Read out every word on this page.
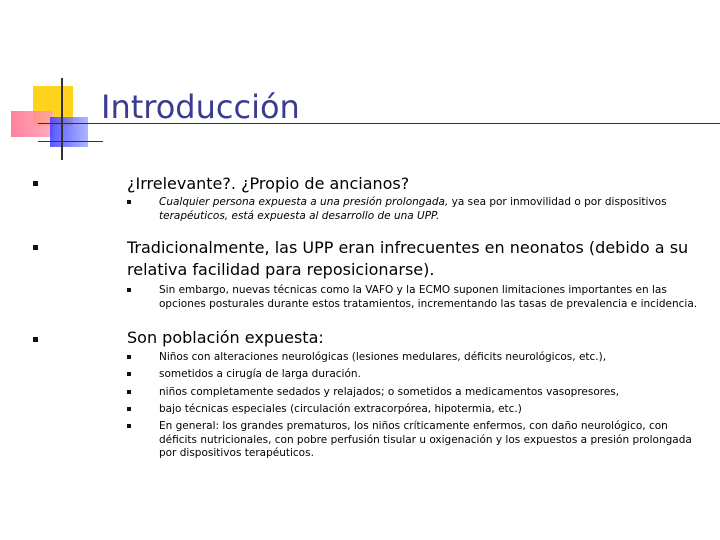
Introducción
¿Irrelevante?. ¿Propio de ancianos?
Cualquier persona expuesta a una presión prolongada, ya sea por inmovilidad o por dispositivos
terapéuticos, está expuesta al desarrollo de una UPP.
Tradicionalmente, las UPP eran infrecuentes en neonatos (debido a su relativa facilidad para reposicionarse).
Sin embargo, nuevas técnicas como la VAFO y la ECMO suponen limitaciones importantes en las opciones posturales durante estos tratamientos, incrementando las tasas de prevalencia e incidencia.
Son población expuesta:
Niños con alteraciones neurológicas (lesiones medulares, déficits neurológicos, etc.),
sometidos a cirugía de larga duración.
niños completamente sedados y relajados; o sometidos a medicamentos vasopresores,
bajo técnicas especiales (circulación extracorpórea, hipotermia, etc.)
En general: los grandes prematuros, los niños críticamente enfermos, con daño neurológico, con déficits nutricionales, con pobre perfusión tisular u oxigenación y los expuestos a presión prolongada por dispositivos terapéuticos.
